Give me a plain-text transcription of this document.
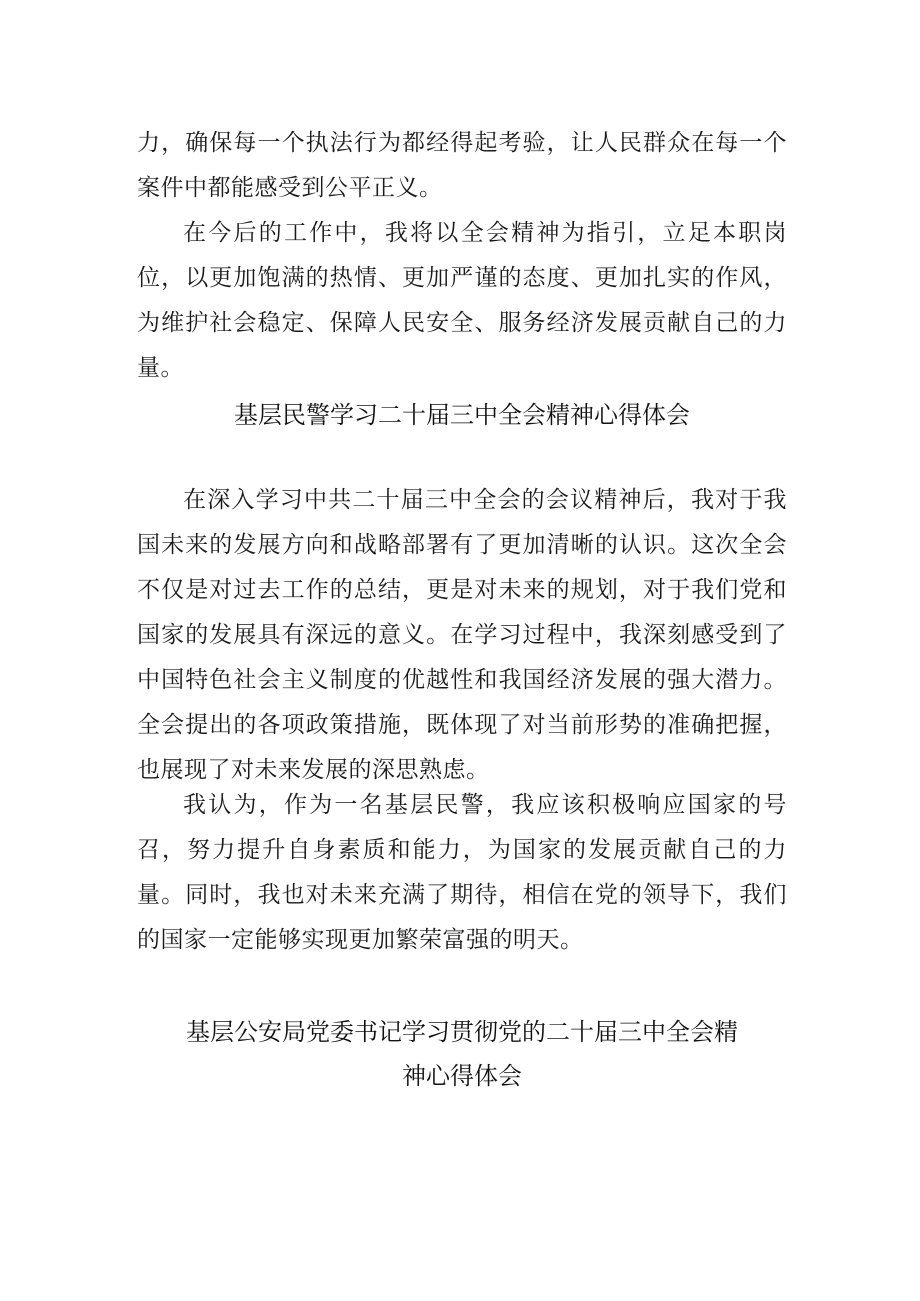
力，确保每一个执法行为都经得起考验，让人民群众在每一个案件中都能感受到公平正义。

在今后的工作中，我将以全会精神为指引，立足本职岗位，以更加饱满的热情、更加严谨的态度、更加扎实的作风，为维护社会稳定、保障人民安全、服务经济发展贡献自己的力量。

基层民警学习二十届三中全会精神心得体会

在深入学习中共二十届三中全会的会议精神后，我对于我国未来的发展方向和战略部署有了更加清晰的认识。这次全会不仅是对过去工作的总结，更是对未来的规划，对于我们党和国家的发展具有深远的意义。在学习过程中，我深刻感受到了中国特色社会主义制度的优越性和我国经济发展的强大潜力。全会提出的各项政策措施，既体现了对当前形势的准确把握，也展现了对未来发展的深思熟虑。

我认为，作为一名基层民警，我应该积极响应国家的号召，努力提升自身素质和能力，为国家的发展贡献自己的力量。同时，我也对未来充满了期待，相信在党的领导下，我们的国家一定能够实现更加繁荣富强的明天。

基层公安局党委书记学习贯彻党的二十届三中全会精
神心得体会
